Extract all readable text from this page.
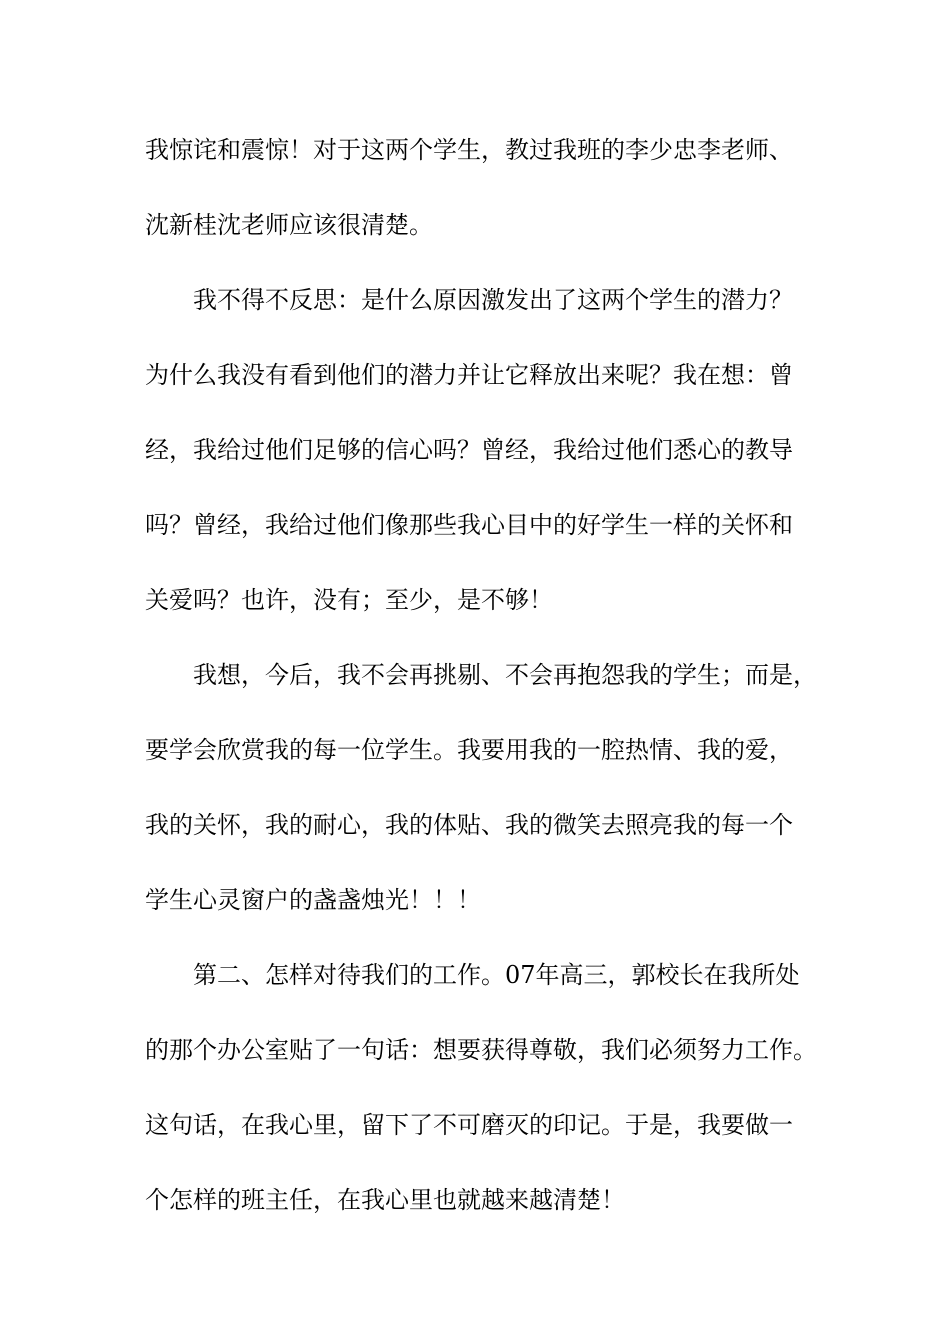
我惊诧和震惊！对于这两个学生，教过我班的李少忠李老师、
沈新桂沈老师应该很清楚。
我不得不反思：是什么原因激发出了这两个学生的潜力？
为什么我没有看到他们的潜力并让它释放出来呢？我在想：曾
经，我给过他们足够的信心吗？曾经，我给过他们悉心的教导
吗？曾经，我给过他们像那些我心目中的好学生一样的关怀和
关爱吗？也许，没有；至少，是不够！
我想，今后，我不会再挑剔、不会再抱怨我的学生；而是，
要学会欣赏我的每一位学生。我要用我的一腔热情、我的爱，
我的关怀，我的耐心，我的体贴、我的微笑去照亮我的每一个
学生心灵窗户的盏盏烛光！！！
第二、怎样对待我们的工作。07年高三，郭校长在我所处
的那个办公室贴了一句话：想要获得尊敬，我们必须努力工作。
这句话，在我心里，留下了不可磨灭的印记。于是，我要做一
个怎样的班主任，在我心里也就越来越清楚！
